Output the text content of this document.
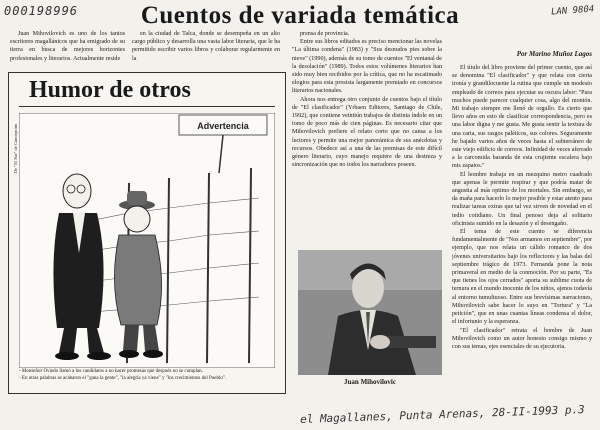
000198996	LAN 9804
Cuentos de variada temática

Juan Mihovilovich es uno de los tantos escritores magallánicos que ha emigrado de su tierra en busca de mejores horizontes profesionales y literarios. Actualmente reside

en la ciudad de Talca, donde se desempeña en un alto cargo público y desarrolla una vasta labor literaria, que le ha permitido escribir varios libros y colaborar regularmente en la

Humor de otros
De "El Sur" de Concepción	Advertencia
- Monseñor Oviedo llamó a los candidatos a no hacer promesas que después no se cumplan.
- En otras palabras se acabaron el "gana la gente", "la alegría ya viene" y "los crecimientos del Pueblo".

prensa de provincia.

Entre sus libros editados es preciso mencionar las novelas "La última condena" (1983) y "Sus desnudos pies sobre la nieve" (1990), además de su tomo de cuentos "El ventanal de la desolación" (1989). Todos estos volúmenes literarios han sido muy bien recibidos por la crítica, que no ha escatimado elogios para esta prosista largamente premiado en concursos literarios nacionales.

Ahora nos entrega otro conjunto de cuentos bajo el título de "El clasificador" (Yrbaen Editores, Santiago de Chile, 1992), que contiene veintiún trabajos de distinta índole en un tomo de poco más de cien páginas. Es necesario citar que Mihovilovich prefiere el relato corto que no cansa a los lectores y permite una mejor panorámica de sus anécdotas y recursos. Obedece así a una de las premisas de este difícil género literario, cuyo manejo requiere de una destreza y sincronización que no todos los narradores poseen.

Juan Mihovilovic
Por Marino Muñoz Lagos

El título del libro proviene del primer cuento, que así se denomina "El clasificador" y que relata con cierta ironía y grandilocuente la rutina que cumple un modesto empleado de correos para ejecutar su oscura labor: "Para muchos puede parecer cualquier cosa, algo del montón. Mi trabajo siempre me llenó de orgullo. Es cierto que llevo años en esto de clasificar correspondencia, pero es una labor digna y me gusta. Me gusta sentir la textura de una carta, sus rasgos paléticos, sus colores. Seguramente he bajado varios años de veces hasta el subterráneo de este viejo edificio de correos. Infinidad de veces aferrado a la carcomida baranda de esta crujiente escalera bajo mis zapatos."

El hombre trabaja en un mezquino metro cuadrado que apenas le permite respirar y que podría matar de angustia al más optimo de los mortales. Sin embargo, se da maña para hacerlo lo mejor posible y estar atento para realizar tareas extras que tal vez sirven de novedad en el tedio cotidiano. Un final penoso deja al solitario oficinista sumido en la desazón y el desengaño.

El tema de este cuento se diferencia fundamentalmente de "Nos armamos en septiembre", por ejemplo, que nos relata un cálido romance de dos jóvenes universitarios bajo los reflectores y las balas del septiembre trágico de 1973. Fernanda pone la nota primaveral en medio de la conmoción. Por su parte, "Es que tienes los ojos cerrados" aporta su sublime cuota de ternura en el mundo inocente de los niños, ajenos todavía al entorno tumultuoso. Entre sus brevísimas narraciones, Mihovilovich sabe hacer lo suyo en "Tortura" y "La petición", que en unas cuantas líneas condensa el dolor, el infortunio y la esperanza.

"El clasificador" retrata el hombre de Juan Mihovilovich como un autor honesto consigo mismo y con sus temas, ejes esenciales de su ejecutoria.

el Magallanes, Punta Arenas, 28-II-1993 p.3
